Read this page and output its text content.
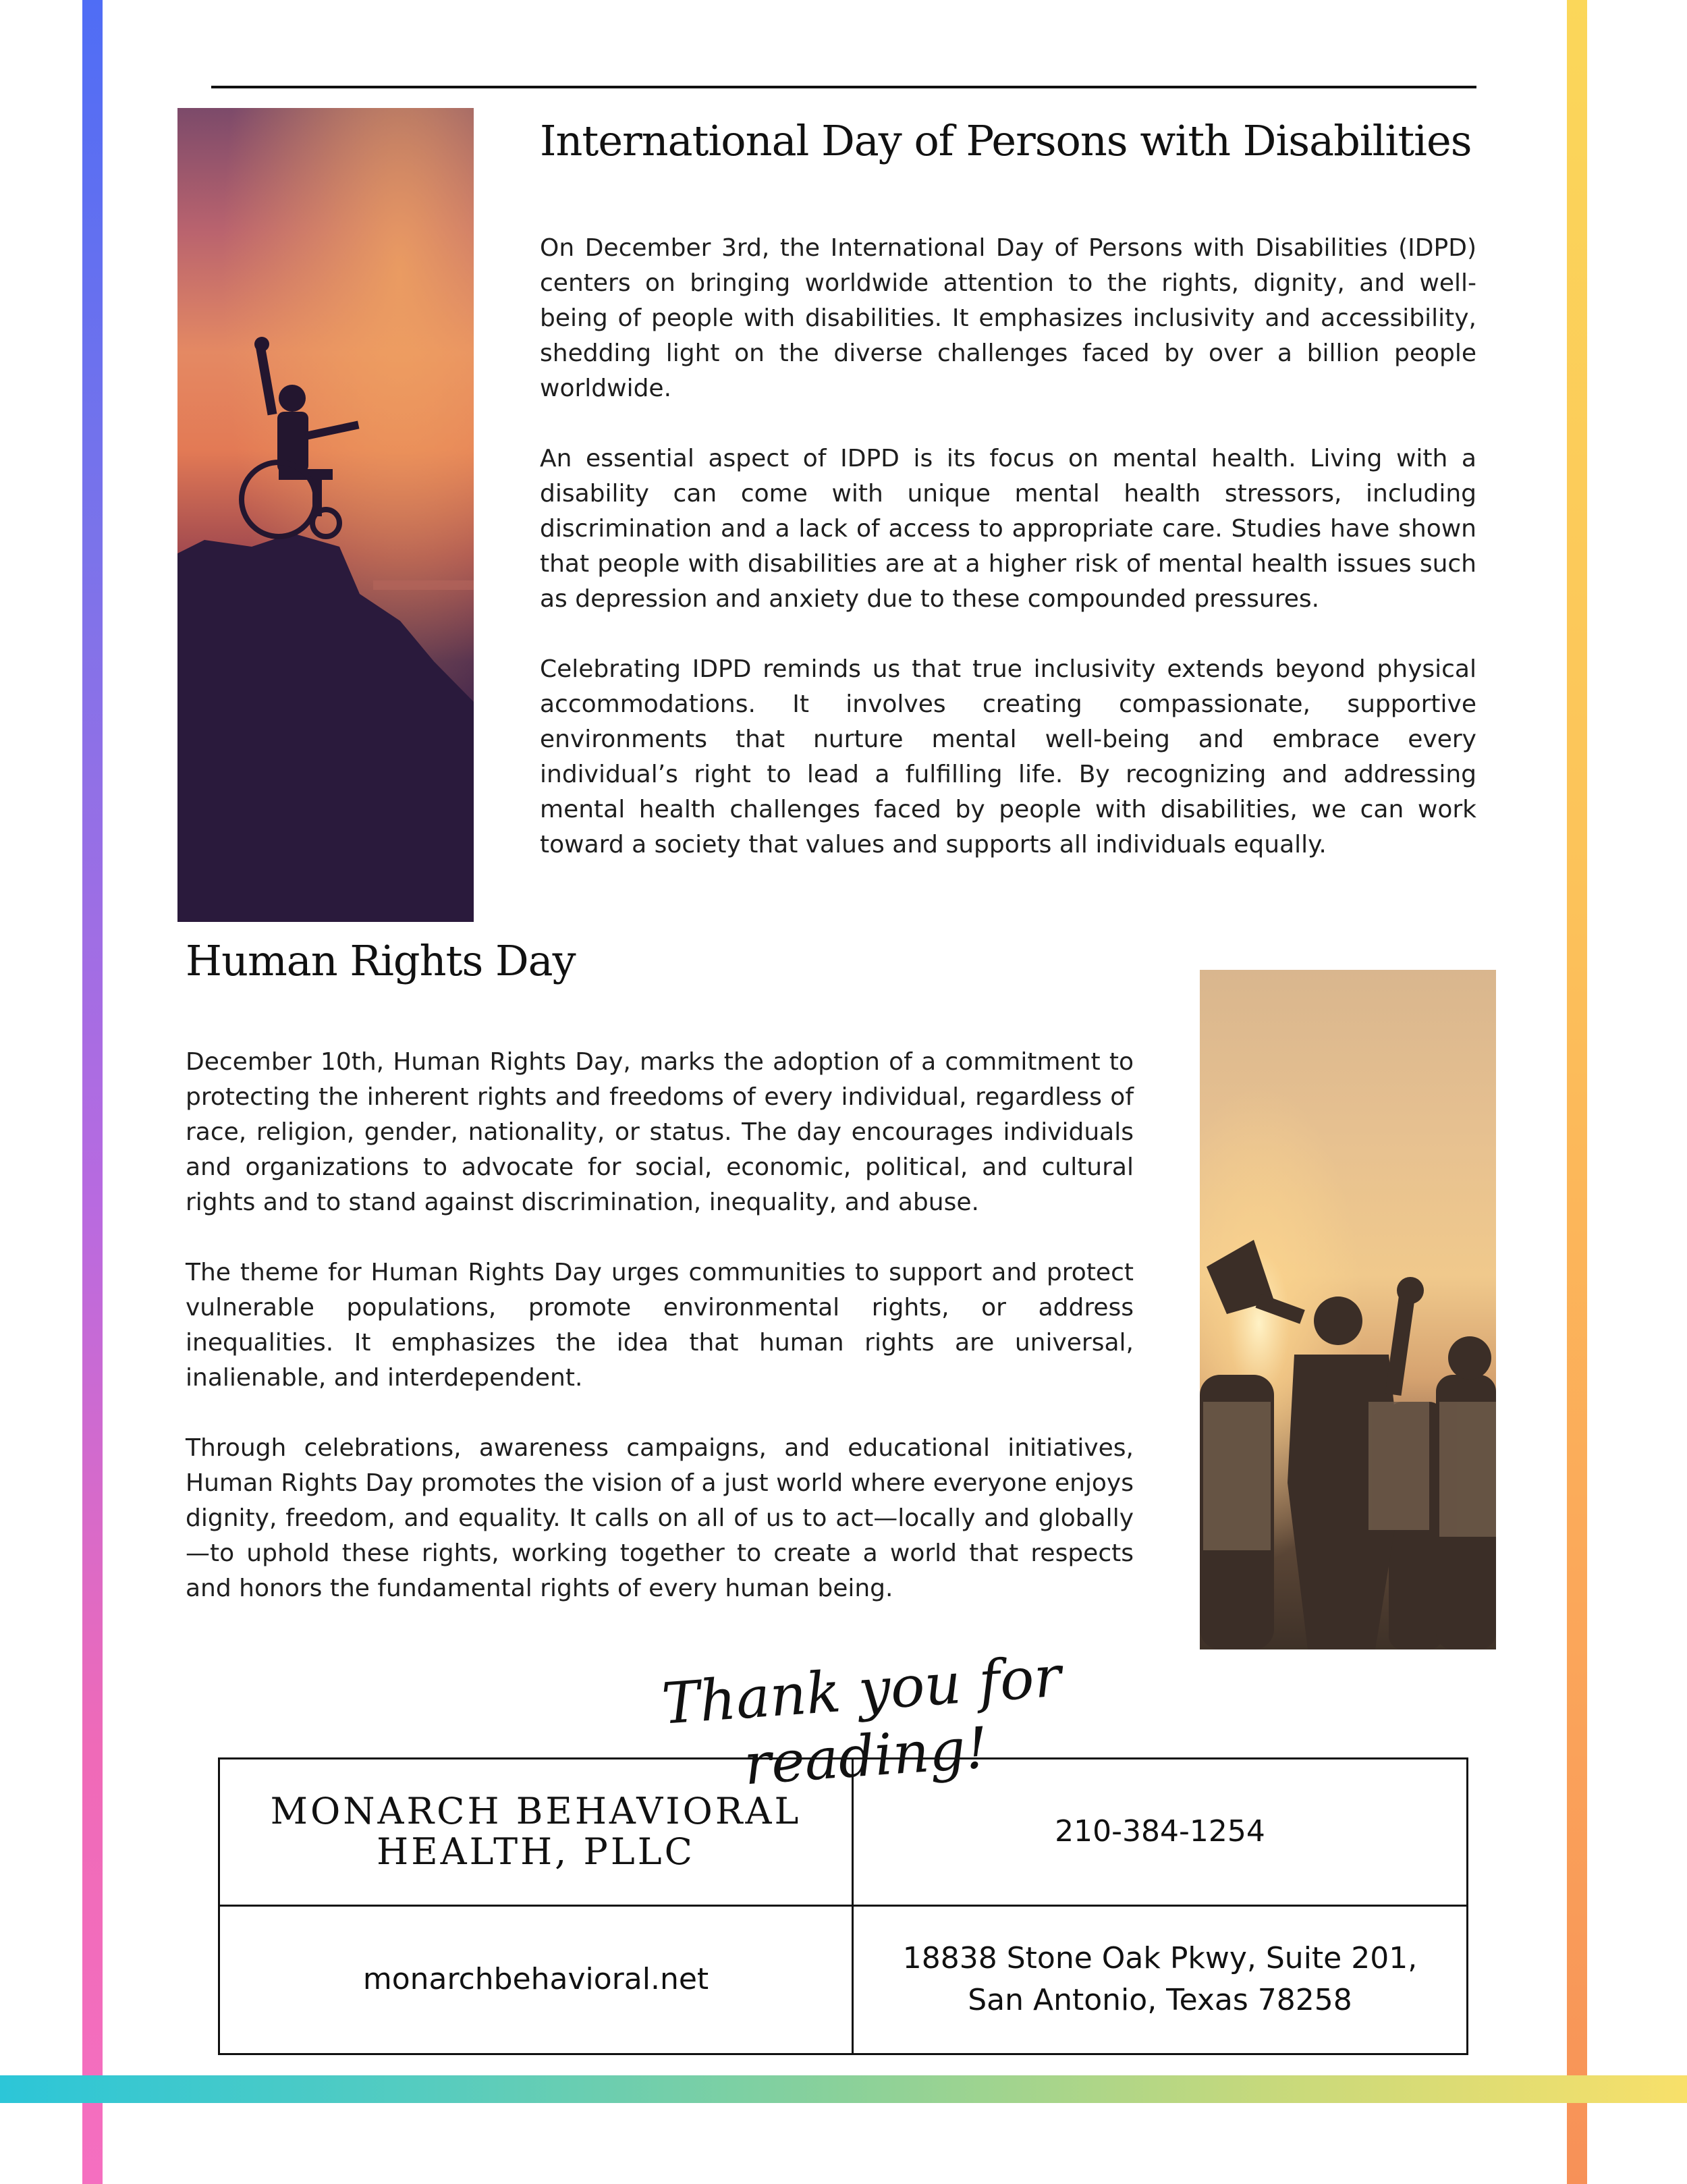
International Day of Persons with Disabilities

On December 3rd, the International Day of Persons with Disabilities (IDPD) centers on bringing worldwide attention to the rights, dignity, and well-being of people with disabilities. It emphasizes inclusivity and accessibility, shedding light on the diverse challenges faced by over a billion people worldwide.

An essential aspect of IDPD is its focus on mental health. Living with a disability can come with unique mental health stressors, including discrimination and a lack of access to appropriate care. Studies have shown that people with disabilities are at a higher risk of mental health issues such as depression and anxiety due to these compounded pressures.

Celebrating IDPD reminds us that true inclusivity extends beyond physical accommodations. It involves creating compassionate, supportive environments that nurture mental well-being and embrace every individual’s right to lead a fulfilling life. By recognizing and addressing mental health challenges faced by people with disabilities, we can work toward a society that values and supports all individuals equally.

Human Rights Day

December 10th, Human Rights Day, marks the adoption of a commitment to protecting the inherent rights and freedoms of every individual, regardless of race, religion, gender, nationality, or status. The day encourages individuals and organizations to advocate for social, economic, political, and cultural rights and to stand against discrimination, inequality, and abuse.

The theme for Human Rights Day urges communities to support and protect vulnerable populations, promote environmental rights, or address inequalities. It emphasizes the idea that human rights are universal, inalienable, and interdependent.

Through celebrations, awareness campaigns, and educational initiatives, Human Rights Day promotes the vision of a just world where everyone enjoys dignity, freedom, and equality. It calls on all of us to act—locally and globally—to uphold these rights, working together to create a world that respects and honors the fundamental rights of every human being.

Thank you for reading!
MONARCH BEHAVIORAL
HEALTH, PLLC	210-384-1254
monarchbehavioral.net
18838 Stone Oak Pkwy, Suite 201,
San Antonio, Texas 78258
